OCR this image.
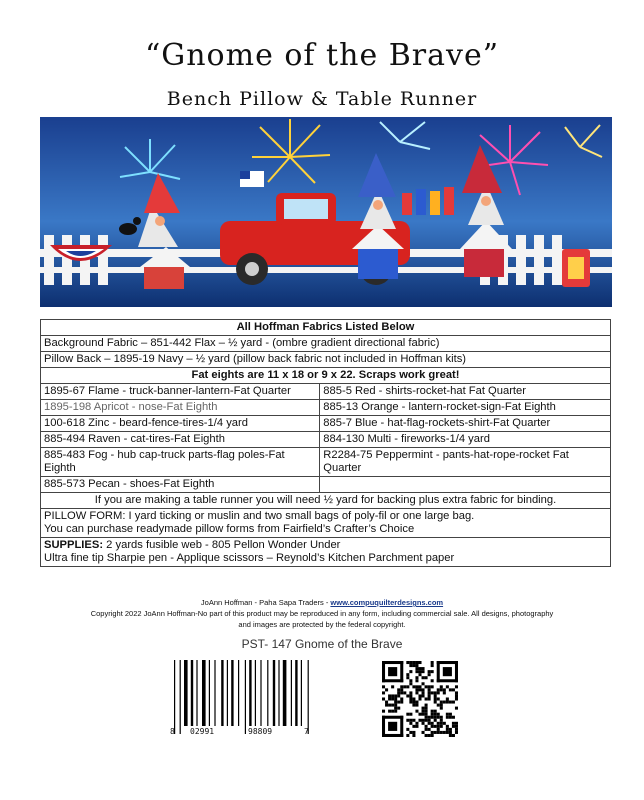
“Gnome of the Brave”
Bench Pillow & Table Runner
All Hoffman Fabrics Listed Below	
Background Fabric – 851-442 Flax – ½ yard - (ombre gradient directional fabric)	
Pillow Back – 1895-19 Navy – ½ yard (pillow back fabric not included in Hoffman kits)	
Fat eights are 11 x 18 or 9 x 22. Scraps work great!	
1895-67 Flame - truck-banner-lantern-Fat Quarter	885-5 Red - shirts-rocket-hat Fat Quarter
1895-198 Apricot - nose-Fat Eighth	885-13 Orange - lantern-rocket-sign-Fat Eighth
100-618 Zinc - beard-fence-tires-1/4 yard	885-7 Blue - hat-flag-rockets-shirt-Fat Quarter
885-494 Raven - cat-tires-Fat Eighth	884-130 Multi - fireworks-1/4 yard
885-483 Fog - hub cap-truck parts-flag poles-Fat Eighth	R2284-75 Peppermint - pants-hat-rope-rocket Fat Quarter
885-573 Pecan - shoes-Fat Eighth	
If you are making a table runner you will need ½ yard for backing plus extra fabric for binding.	

PILLOW FORM: I yard ticking or muslin and two small bags of poly-fil or one large bag.
You can purchase readymade pillow forms from Fairfield’s Crafter’s Choice	

SUPPLIES: 2 yards fusible web - 805 Pellon Wonder Under
Ultra fine tip Sharpie pen - Applique scissors – Reynold’s Kitchen Parchment paper	
JoAnn Hoffman - Paha Sapa Traders - www.compuquilterdesigns.com
Copyright 2022 JoAnn Hoffman-No part of this product may be reproduced in any form, including commercial sale. All designs, photography
and images are protected by the federal copyright.
PST- 147 Gnome of the Brave
8 02991	98809	7
